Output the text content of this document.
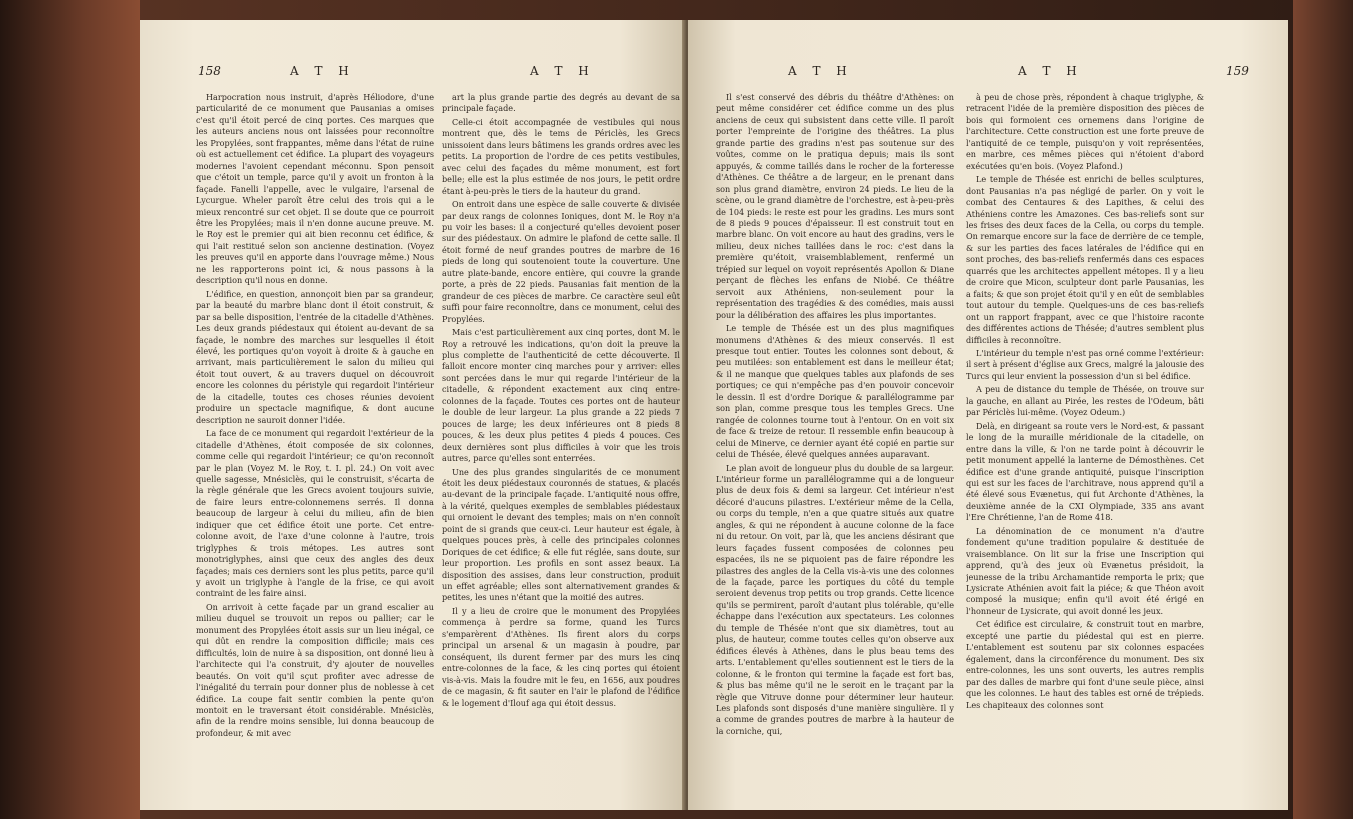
158	A T H	A T H

Harpocration nous instruit, d'après Héliodore, d'une particularité de ce monument que Pausanias a omises c'est qu'il étoit percé de cinq portes. Ces marques que les auteurs anciens nous ont laissées pour reconnoître les Propylées, sont frappantes, même dans l'état de ruine où est actuellement cet édifice. La plupart des voyageurs modernes l'avoient cependant méconnu. Spon pensoit que c'étoit un temple, parce qu'il y avoit un fronton à la façade. Fanelli l'appelle, avec le vulgaire, l'arsenal de Lycurgue. Wheler paroît être celui des trois qui a le mieux rencontré sur cet objet. Il se doute que ce pourroit être les Propylées; mais il n'en donne aucune preuve. M. le Roy est le premier qui ait bien reconnu cet édifice, & qui l'ait restitué selon son ancienne destination. (Voyez les preuves qu'il en apporte dans l'ouvrage même.) Nous ne les rapporterons point ici, & nous passons à la description qu'il nous en donne.

L'édifice, en question, annonçoit bien par sa grandeur, par la beauté du marbre blanc dont il étoit construit, & par sa belle disposition, l'entrée de la citadelle d'Athènes. Les deux grands piédestaux qui étoient au-devant de sa façade, le nombre des marches sur lesquelles il étoit élevé, les portiques qu'on voyoit à droite & à gauche en arrivant, mais particulièrement le salon du milieu qui étoit tout ouvert, & au travers duquel on découvroit encore les colonnes du péristyle qui regardoit l'intérieur de la citadelle, toutes ces choses réunies devoient produire un spectacle magnifique, & dont aucune description ne sauroit donner l'idée.

La face de ce monument qui regardoit l'extérieur de la citadelle d'Athènes, étoit composée de six colonnes, comme celle qui regardoit l'intérieur; ce qu'on reconnoît par le plan (Voyez M. le Roy, t. I. pl. 24.) On voit avec quelle sagesse, Mnésiclès, qui le construisit, s'écarta de la règle générale que les Grecs avoient toujours suivie, de faire leurs entre-colonnemens serrés. Il donna beaucoup de largeur à celui du milieu, afin de bien indiquer que cet édifice étoit une porte. Cet entre-colonne avoit, de l'axe d'une colonne à l'autre, trois triglyphes & trois métopes. Les autres sont monotriglyphes, ainsi que ceux des angles des deux façades; mais ces derniers sont les plus petits, parce qu'il y avoit un triglyphe à l'angle de la frise, ce qui avoit contraint de les faire ainsi.

On arrivoit à cette façade par un grand escalier au milieu duquel se trouvoit un repos ou pallier; car le monument des Propylées étoit assis sur un lieu inégal, ce qui dût en rendre la composition difficile; mais ces difficultés, loin de nuire à sa disposition, ont donné lieu à l'architecte qui l'a construit, d'y ajouter de nouvelles beautés. On voit qu'il sçut profiter avec adresse de l'inégalité du terrain pour donner plus de noblesse à cet édifice. La coupe fait sentir combien la pente qu'on montoit en le traversant étoit considérable. Mnésiclès, afin de la rendre moins sensible, lui donna beaucoup de profondeur, & mit avec

art la plus grande partie des degrés au devant de sa principale façade.

Celle-ci étoit accompagnée de vestibules qui nous montrent que, dès le tems de Périclès, les Grecs unissoient dans leurs bâtimens les grands ordres avec les petits. La proportion de l'ordre de ces petits vestibules, avec celui des façades du même monument, est fort belle; elle est la plus estimée de nos jours, le petit ordre étant à-peu-près le tiers de la hauteur du grand.

On entroit dans une espèce de salle couverte & divisée par deux rangs de colonnes Ioniques, dont M. le Roy n'a pu voir les bases: il a conjecturé qu'elles devoient poser sur des piédestaux. On admire le plafond de cette salle. Il étoit formé de neuf grandes poutres de marbre de 16 pieds de long qui soutenoient toute la couverture. Une autre plate-bande, encore entière, qui couvre la grande porte, a près de 22 pieds. Pausanias fait mention de la grandeur de ces pièces de marbre. Ce caractère seul eût suffi pour faire reconnoître, dans ce monument, celui des Propylées.

Mais c'est particulièrement aux cinq portes, dont M. le Roy a retrouvé les indications, qu'on doit la preuve la plus complette de l'authenticité de cette découverte. Il falloit encore monter cinq marches pour y arriver: elles sont percées dans le mur qui regarde l'intérieur de la citadelle, & répondent exactement aux cinq entre-colonnes de la façade. Toutes ces portes ont de hauteur le double de leur largeur. La plus grande a 22 pieds 7 pouces de large; les deux inférieures ont 8 pieds 8 pouces, & les deux plus petites 4 pieds 4 pouces. Ces deux dernières sont plus difficiles à voir que les trois autres, parce qu'elles sont enterrées.

Une des plus grandes singularités de ce monument étoit les deux piédestaux couronnés de statues, & placés au-devant de la principale façade. L'antiquité nous offre, à la vérité, quelques exemples de semblables piédestaux qui ornoient le devant des temples; mais on n'en connoît point de si grands que ceux-ci. Leur hauteur est égale, à quelques pouces près, à celle des principales colonnes Doriques de cet édifice; & elle fut réglée, sans doute, sur leur proportion. Les profils en sont assez beaux. La disposition des assises, dans leur construction, produit un effet agréable; elles sont alternativement grandes & petites, les unes n'étant que la moitié des autres.

Il y a lieu de croire que le monument des Propylées commença à perdre sa forme, quand les Turcs s'emparèrent d'Athènes. Ils firent alors du corps principal un arsenal & un magasin à poudre, par conséquent, ils durent fermer par des murs les cinq entre-colonnes de la face, & les cinq portes qui étoient vis-à-vis. Mais la foudre mit le feu, en 1656, aux poudres de ce magasin, & fit sauter en l'air le plafond de l'édifice & le logement d'Ilouf aga qui étoit dessus.

A T H	A T H	159

Il s'est conservé des débris du théâtre d'Athènes: on peut même considérer cet édifice comme un des plus anciens de ceux qui subsistent dans cette ville. Il paroît porter l'empreinte de l'origine des théâtres. La plus grande partie des gradins n'est pas soutenue sur des voûtes, comme on le pratiqua depuis; mais ils sont appuyés, & comme taillés dans le rocher de la forteresse d'Athènes. Ce théâtre a de largeur, en le prenant dans son plus grand diamètre, environ 24 pieds. Le lieu de la scène, ou le grand diamètre de l'orchestre, est à-peu-près de 104 pieds: le reste est pour les gradins. Les murs sont de 8 pieds 9 pouces d'épaisseur. Il est construit tout en marbre blanc. On voit encore au haut des gradins, vers le milieu, deux niches taillées dans le roc: c'est dans la première qu'étoit, vraisemblablement, renfermé un trépied sur lequel on voyoit représentés Apollon & Diane perçant de flèches les enfans de Niobé. Ce théâtre servoit aux Athéniens, non-seulement pour la représentation des tragédies & des comédies, mais aussi pour la délibération des affaires les plus importantes.

Le temple de Thésée est un des plus magnifiques monumens d'Athènes & des mieux conservés. Il est presque tout entier. Toutes les colonnes sont debout, & peu mutilées: son entablement est dans le meilleur état; & il ne manque que quelques tables aux plafonds de ses portiques; ce qui n'empêche pas d'en pouvoir concevoir le dessin. Il est d'ordre Dorique & parallélogramme par son plan, comme presque tous les temples Grecs. Une rangée de colonnes tourne tout à l'entour. On en voit six de face & treize de retour. Il ressemble enfin beaucoup à celui de Minerve, ce dernier ayant été copié en partie sur celui de Thésée, élevé quelques années auparavant.

Le plan avoit de longueur plus du double de sa largeur. L'intérieur forme un parallélogramme qui a de longueur plus de deux fois & demi sa largeur. Cet intérieur n'est décoré d'aucuns pilastres. L'extérieur même de la Cella, ou corps du temple, n'en a que quatre situés aux quatre angles, & qui ne répondent à aucune colonne de la face ni du retour. On voit, par là, que les anciens désirant que leurs façades fussent composées de colonnes peu espacées, ils ne se piquoient pas de faire répondre les pilastres des angles de la Cella vis-à-vis une des colonnes de la façade, parce les portiques du côté du temple seroient devenus trop petits ou trop grands. Cette licence qu'ils se permirent, paroît d'autant plus tolérable, qu'elle échappe dans l'exécution aux spectateurs. Les colonnes du temple de Thésée n'ont que six diamètres, tout au plus, de hauteur, comme toutes celles qu'on observe aux édifices élevés à Athènes, dans le plus beau tems des arts. L'entablement qu'elles soutiennent est le tiers de la colonne, & le fronton qui termine la façade est fort bas, & plus bas même qu'il ne le seroit en le traçant par la règle que Vitruve donne pour déterminer leur hauteur. Les plafonds sont disposés d'une manière singulière. Il y a comme de grandes poutres de marbre à la hauteur de la corniche, qui,

à peu de chose près, répondent à chaque triglyphe, & retracent l'idée de la première disposition des pièces de bois qui formoient ces ornemens dans l'origine de l'architecture. Cette construction est une forte preuve de l'antiquité de ce temple, puisqu'on y voit représentées, en marbre, ces mêmes pièces qui n'étoient d'abord exécutées qu'en bois. (Voyez Plafond.)

Le temple de Thésée est enrichi de belles sculptures, dont Pausanias n'a pas négligé de parler. On y voit le combat des Centaures & des Lapithes, & celui des Athéniens contre les Amazones. Ces bas-reliefs sont sur les frises des deux faces de la Cella, ou corps du temple. On remarque encore sur la face de derrière de ce temple, & sur les parties des faces latérales de l'édifice qui en sont proches, des bas-reliefs renfermés dans ces espaces quarrés que les architectes appellent métopes. Il y a lieu de croire que Micon, sculpteur dont parle Pausanias, les a faits; & que son projet étoit qu'il y en eût de semblables tout autour du temple. Quelques-uns de ces bas-reliefs ont un rapport frappant, avec ce que l'histoire raconte des différentes actions de Thésée; d'autres semblent plus difficiles à reconnoître.

L'intérieur du temple n'est pas orné comme l'extérieur: il sert à présent d'église aux Grecs, malgré la jalousie des Turcs qui leur envient la possession d'un si bel édifice.

A peu de distance du temple de Thésée, on trouve sur la gauche, en allant au Pirée, les restes de l'Odeum, bâti par Périclès lui-même. (Voyez Odeum.)

Delà, en dirigeant sa route vers le Nord-est, & passant le long de la muraille méridionale de la citadelle, on entre dans la ville, & l'on ne tarde point à découvrir le petit monument appellé la lanterne de Démosthènes. Cet édifice est d'une grande antiquité, puisque l'inscription qui est sur les faces de l'architrave, nous apprend qu'il a été élevé sous Evænetus, qui fut Archonte d'Athènes, la deuxième année de la CXI Olympiade, 335 ans avant l'Ere Chrétienne, l'an de Rome 418.

La dénomination de ce monument n'a d'autre fondement qu'une tradition populaire & destituée de vraisemblance. On lit sur la frise une Inscription qui apprend, qu'à des jeux où Evænetus présidoit, la jeunesse de la tribu Archamantide remporta le prix; que Lysicrate Athénien avoit fait la piéce; & que Théon avoit composé la musique; enfin qu'il avoit été érigé en l'honneur de Lysicrate, qui avoit donné les jeux.

Cet édifice est circulaire, & construit tout en marbre, excepté une partie du piédestal qui est en pierre. L'entablement est soutenu par six colonnes espacées également, dans la circonférence du monument. Des six entre-colonnes, les uns sont ouverts, les autres remplis par des dalles de marbre qui font d'une seule pièce, ainsi que les colonnes. Le haut des tables est orné de trépieds. Les chapiteaux des colonnes sont
